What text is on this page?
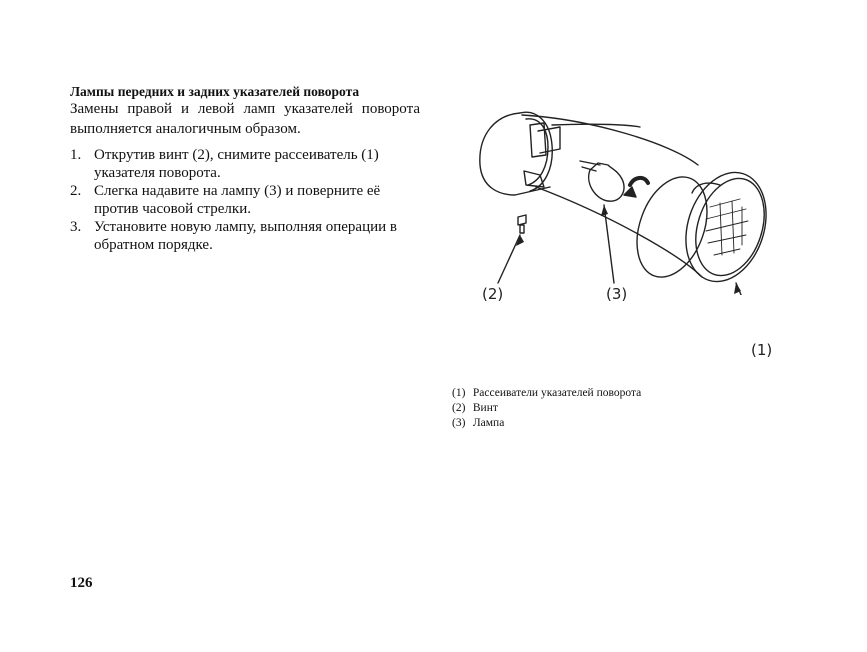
Лампы передних и задних указателей поворота

Замены правой и левой ламп указателей поворота выполняется аналогичным образом.

1. Открутив винт (2), снимите рассеиватель (1) указателя поворота.
2. Слегка надавите на лампу (3) и поверните её против часовой стрелки.
3. Установите новую лампу, выполняя операции в обратном порядке.
(2)	(3)
(1)
(1) Рассеиватели указателей поворота
(2) Винт
(3) Лампа
126
